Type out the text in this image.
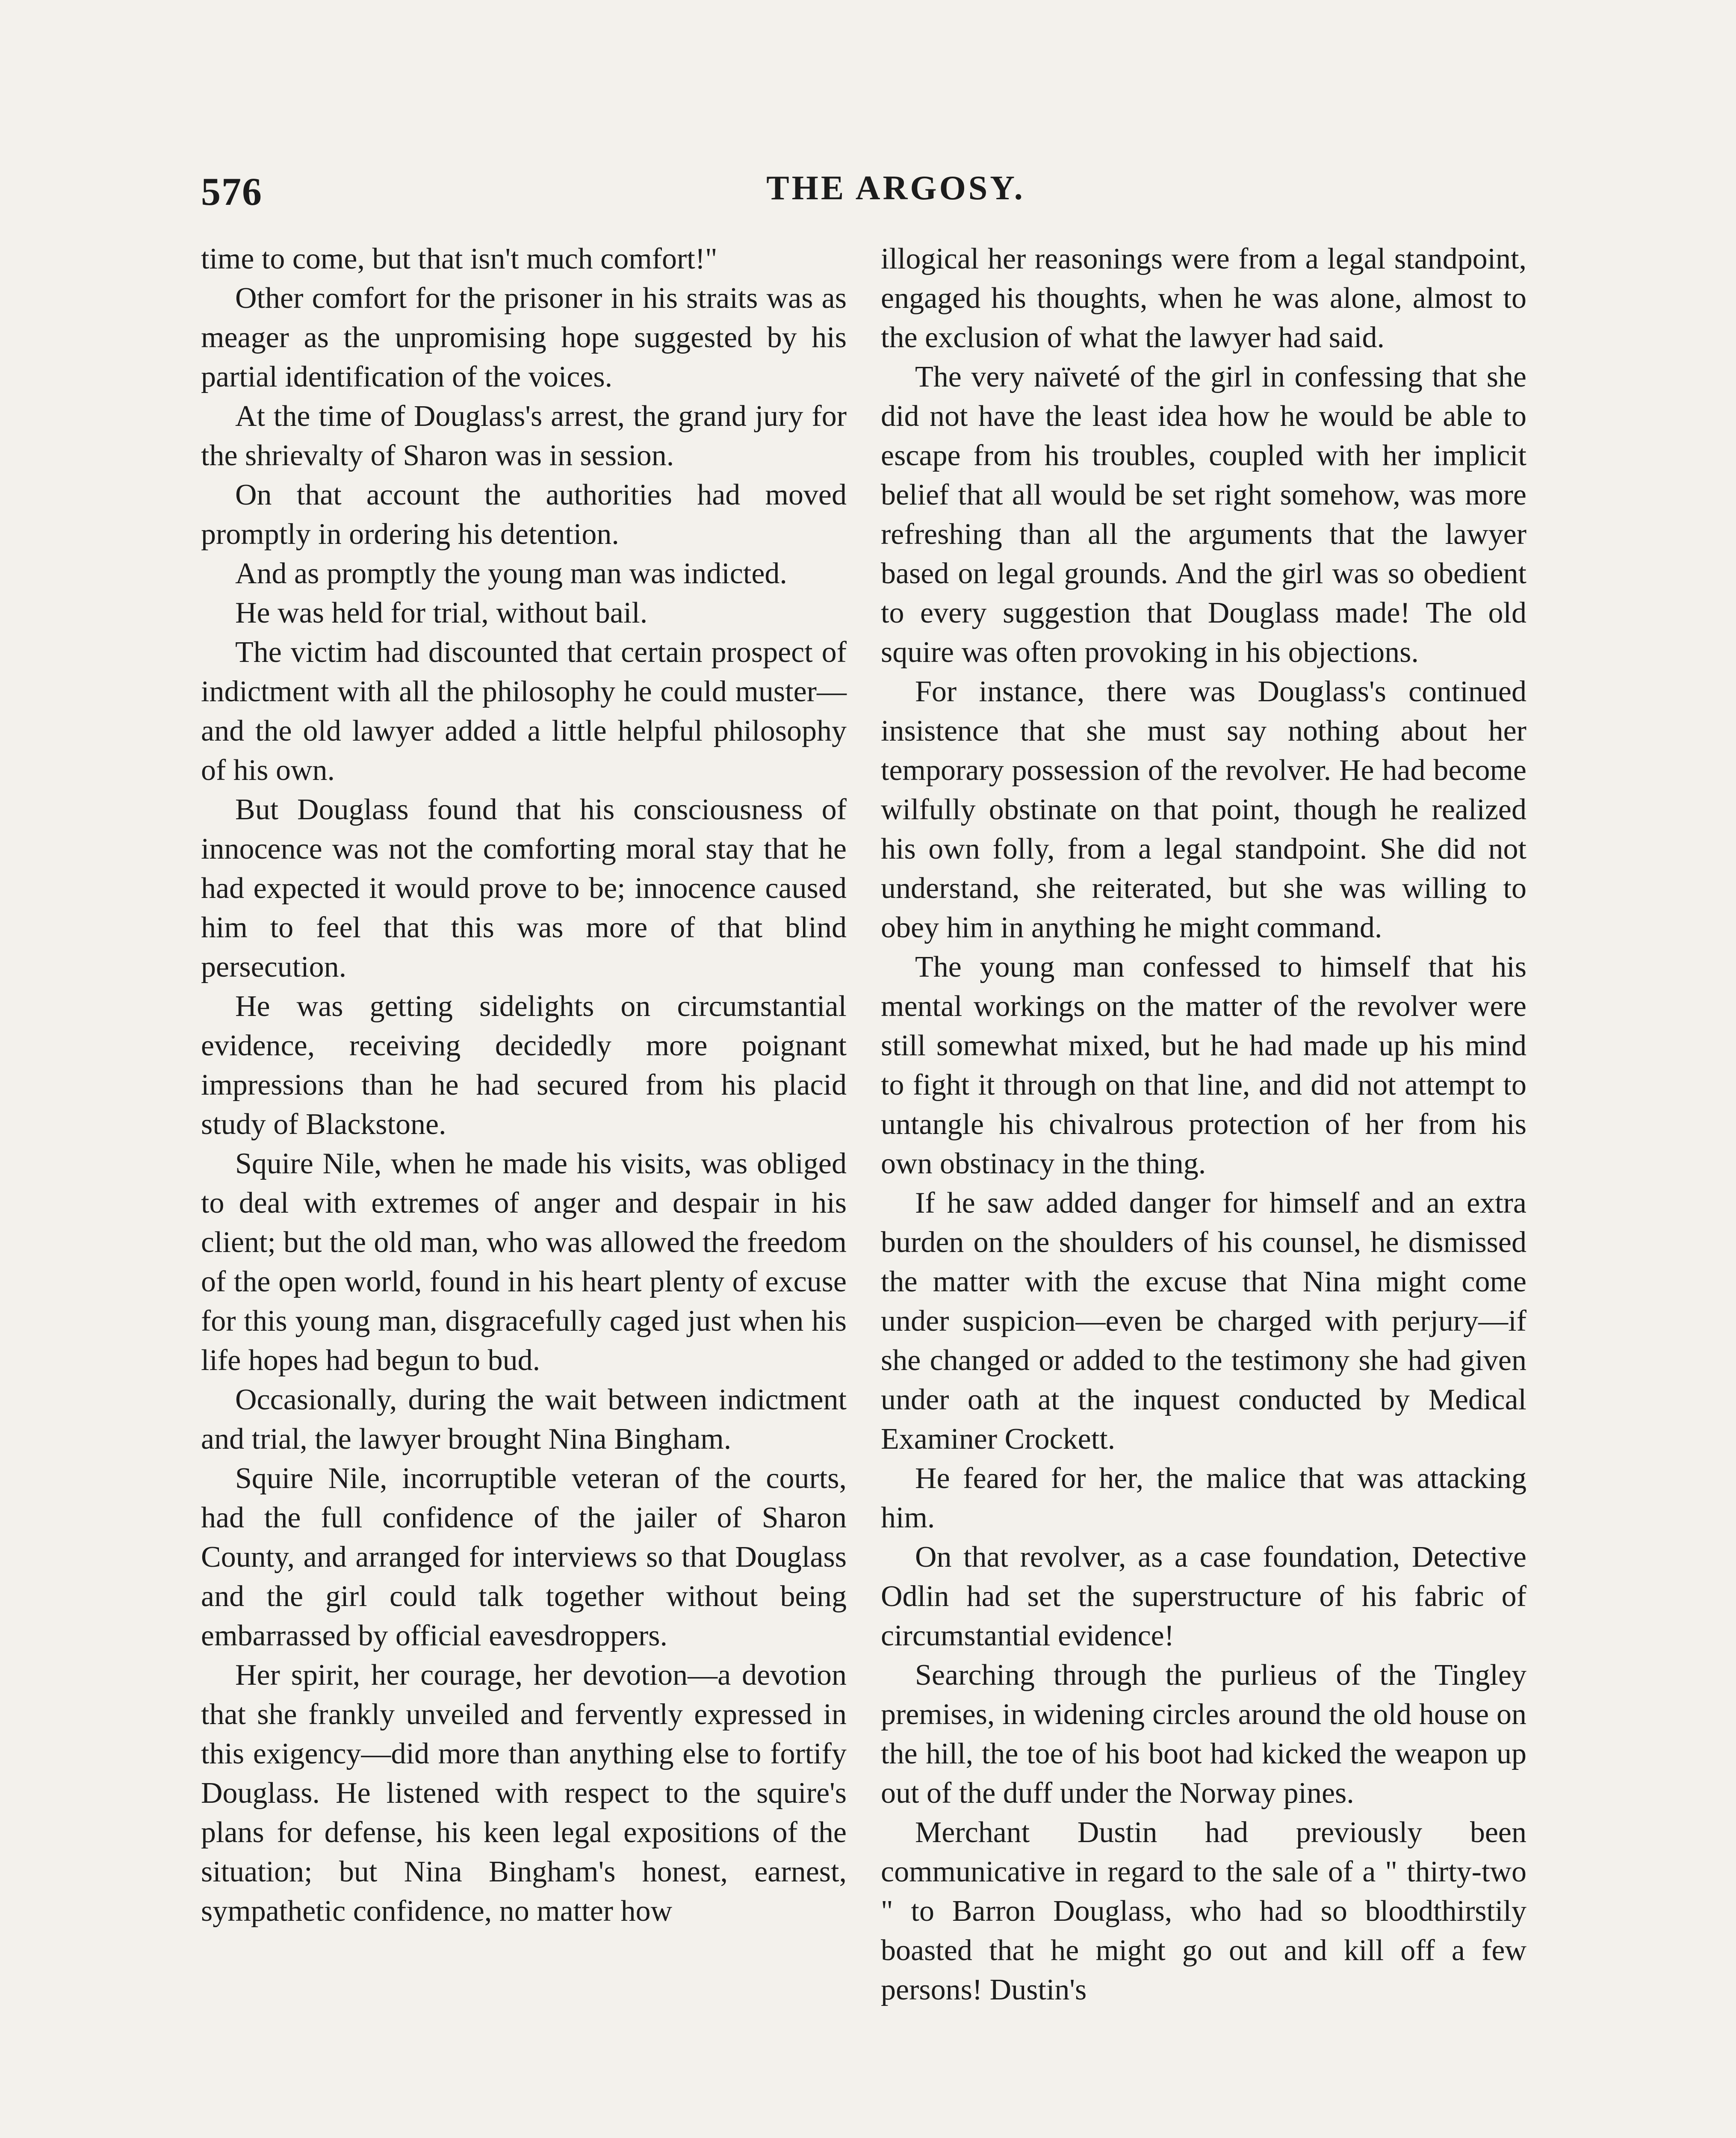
576	THE ARGOSY.

time to come, but that isn't much comfort!"

Other comfort for the prisoner in his straits was as meager as the unpromising hope suggested by his partial identification of the voices.

At the time of Douglass's arrest, the grand jury for the shrievalty of Sharon was in session.

On that account the authorities had moved promptly in ordering his detention.

And as promptly the young man was indicted.

He was held for trial, without bail.

The victim had discounted that certain prospect of indictment with all the philosophy he could muster—and the old lawyer added a little helpful philosophy of his own.

But Douglass found that his consciousness of innocence was not the comforting moral stay that he had expected it would prove to be; innocence caused him to feel that this was more of that blind persecution.

He was getting sidelights on circumstantial evidence, receiving decidedly more poignant impressions than he had secured from his placid study of Blackstone.

Squire Nile, when he made his visits, was obliged to deal with extremes of anger and despair in his client; but the old man, who was allowed the freedom of the open world, found in his heart plenty of excuse for this young man, disgracefully caged just when his life hopes had begun to bud.

Occasionally, during the wait between indictment and trial, the lawyer brought Nina Bingham.

Squire Nile, incorruptible veteran of the courts, had the full confidence of the jailer of Sharon County, and arranged for interviews so that Douglass and the girl could talk together without being embarrassed by official eavesdroppers.

Her spirit, her courage, her devotion—a devotion that she frankly unveiled and fervently expressed in this exigency—did more than anything else to fortify Douglass. He listened with respect to the squire's plans for defense, his keen legal expositions of the situation; but Nina Bingham's honest, earnest, sympathetic confidence, no matter how

illogical her reasonings were from a legal standpoint, engaged his thoughts, when he was alone, almost to the exclusion of what the lawyer had said.

The very naïveté of the girl in confessing that she did not have the least idea how he would be able to escape from his troubles, coupled with her implicit belief that all would be set right somehow, was more refreshing than all the arguments that the lawyer based on legal grounds. And the girl was so obedient to every suggestion that Douglass made! The old squire was often provoking in his objections.

For instance, there was Douglass's continued insistence that she must say nothing about her temporary possession of the revolver. He had become wilfully obstinate on that point, though he realized his own folly, from a legal standpoint. She did not understand, she reiterated, but she was willing to obey him in anything he might command.

The young man confessed to himself that his mental workings on the matter of the revolver were still somewhat mixed, but he had made up his mind to fight it through on that line, and did not attempt to untangle his chivalrous protection of her from his own obstinacy in the thing.

If he saw added danger for himself and an extra burden on the shoulders of his counsel, he dismissed the matter with the excuse that Nina might come under suspicion—even be charged with perjury—if she changed or added to the testimony she had given under oath at the inquest conducted by Medical Examiner Crockett.

He feared for her, the malice that was attacking him.

On that revolver, as a case foundation, Detective Odlin had set the superstructure of his fabric of circumstantial evidence!

Searching through the purlieus of the Tingley premises, in widening circles around the old house on the hill, the toe of his boot had kicked the weapon up out of the duff under the Norway pines.

Merchant Dustin had previously been communicative in regard to the sale of a " thirty-two " to Barron Douglass, who had so bloodthirstily boasted that he might go out and kill off a few persons! Dustin's
